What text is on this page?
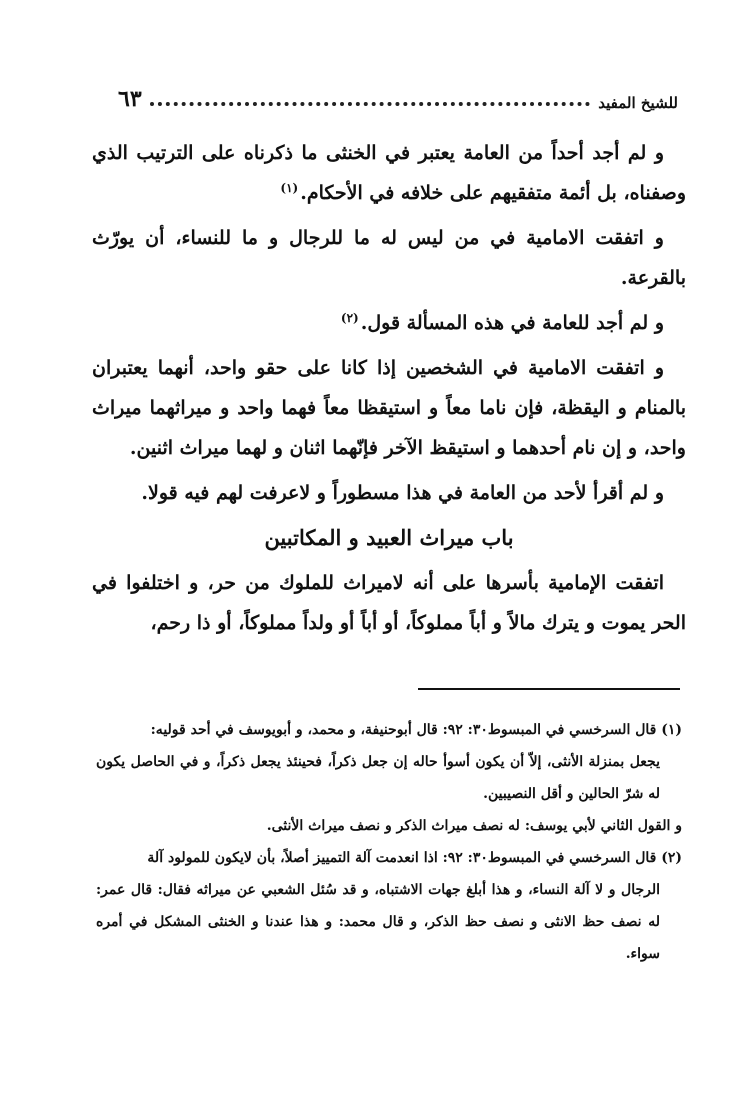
للشيخ المفيد
٦٣

و لم أجد أحداً من العامة يعتبر في الخنثى ما ذكرناه على الترتيب الذي وصفناه، بل أئمة متفقيهم على خلافه في الأحكام.$^{(١)}$

و اتفقت الامامية في من ليس له ما للرجال و ما للنساء، أن يورّث بالقرعة.

و لم أجد للعامة في هذه المسألة قول.$^{(٢)}$

و اتفقت الامامية في الشخصين إذا كانا على حقو واحد، أنهما يعتبران بالمنام و اليقظة، فإن ناما معاً و استيقظا معاً فهما واحد و ميراثهما ميراث واحد، و إن نام أحدهما و استيقظ الآخر فإنّهما اثنان و لهما ميراث اثنين.

و لم أقرأ لأحد من العامة في هذا مسطوراً و لاعرفت لهم فيه قولا.

باب ميراث العبيد و المكاتبين

اتفقت الإمامية بأسرها على أنه لاميراث للملوك من حر، و اختلفوا في الحر يموت و يترك مالاً و أباً مملوكاً، أو أباً أو ولداً مملوكاً، أو ذا رحم،

(١) قال السرخسي في المبسوط٣٠: ٩٢: قال أبوحنيفة، و محمد، و أبويوسف في أحد قوليه:

يجعل بمنزلة الأنثى، إلاّ أن يكون أسوأ حاله إن جعل ذكراً، فحينئذ يجعل ذكراً، و في الحاصل يكون له شرّ الحالين و أقل النصيبين.

و القول الثاني لأبي يوسف: له نصف ميراث الذكر و نصف ميراث الأنثى.

(٢) قال السرخسي في المبسوط٣٠: ٩٢: اذا انعدمت آلة التمييز أصلاً، بأن لايكون للمولود آلة

الرجال و لا آلة النساء، و هذا أبلغ جهات الاشتباه، و قد سُئل الشعبي عن ميراثه فقال: قال عمر: له نصف حظ الانثى و نصف حظ الذكر، و قال محمد: و هذا عندنا و الخنثى المشكل في أمره سواء.
